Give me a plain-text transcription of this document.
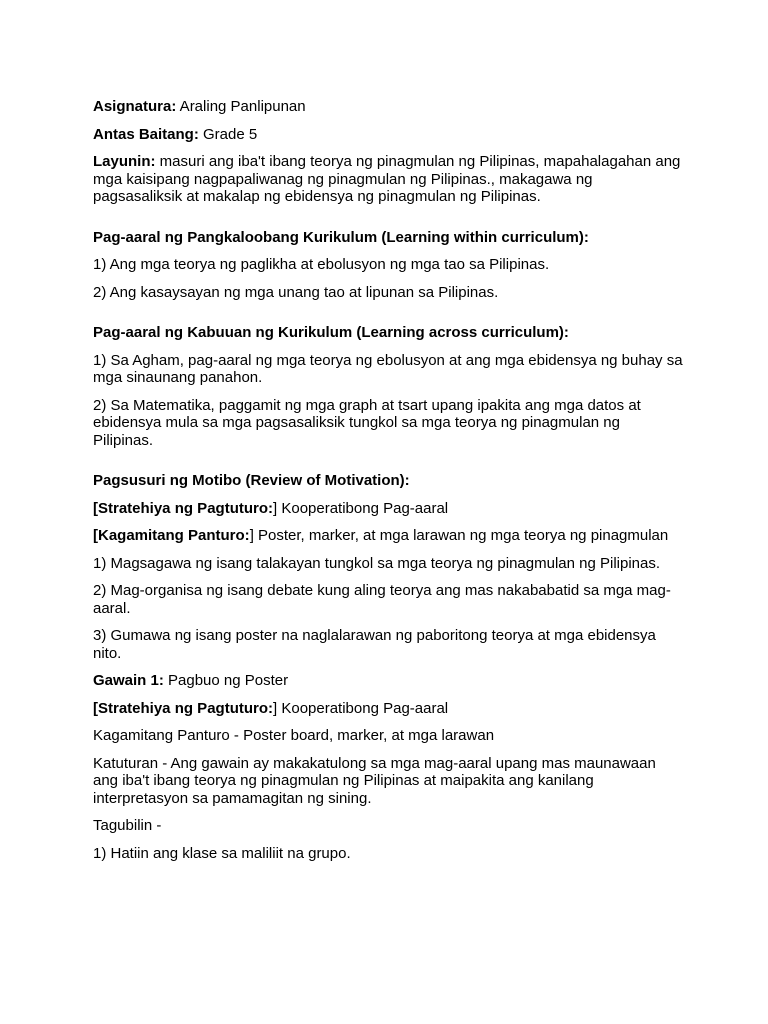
Asignatura: Araling Panlipunan

Antas Baitang: Grade 5

Layunin: masuri ang iba't ibang teorya ng pinagmulan ng Pilipinas, mapahalagahan ang mga kaisipang nagpapaliwanag ng pinagmulan ng Pilipinas., makagawa ng pagsasaliksik at makalap ng ebidensya ng pinagmulan ng Pilipinas.

Pag-aaral ng Pangkaloobang Kurikulum (Learning within curriculum):

1) Ang mga teorya ng paglikha at ebolusyon ng mga tao sa Pilipinas.

2) Ang kasaysayan ng mga unang tao at lipunan sa Pilipinas.

Pag-aaral ng Kabuuan ng Kurikulum (Learning across curriculum):

1) Sa Agham, pag-aaral ng mga teorya ng ebolusyon at ang mga ebidensya ng buhay sa mga sinaunang panahon.

2) Sa Matematika, paggamit ng mga graph at tsart upang ipakita ang mga datos at ebidensya mula sa mga pagsasaliksik tungkol sa mga teorya ng pinagmulan ng Pilipinas.

Pagsusuri ng Motibo (Review of Motivation):

[Stratehiya ng Pagtuturo:] Kooperatibong Pag-aaral

[Kagamitang Panturo:] Poster, marker, at mga larawan ng mga teorya ng pinagmulan

1) Magsagawa ng isang talakayan tungkol sa mga teorya ng pinagmulan ng Pilipinas.

2) Mag-organisa ng isang debate kung aling teorya ang mas nakababatid sa mga mag-aaral.

3) Gumawa ng isang poster na naglalarawan ng paboritong teorya at mga ebidensya nito.

Gawain 1: Pagbuo ng Poster

[Stratehiya ng Pagtuturo:] Kooperatibong Pag-aaral

Kagamitang Panturo - Poster board, marker, at mga larawan

Katuturan - Ang gawain ay makakatulong sa mga mag-aaral upang mas maunawaan ang iba't ibang teorya ng pinagmulan ng Pilipinas at maipakita ang kanilang interpretasyon sa pamamagitan ng sining.

Tagubilin -

1) Hatiin ang klase sa maliliit na grupo.
